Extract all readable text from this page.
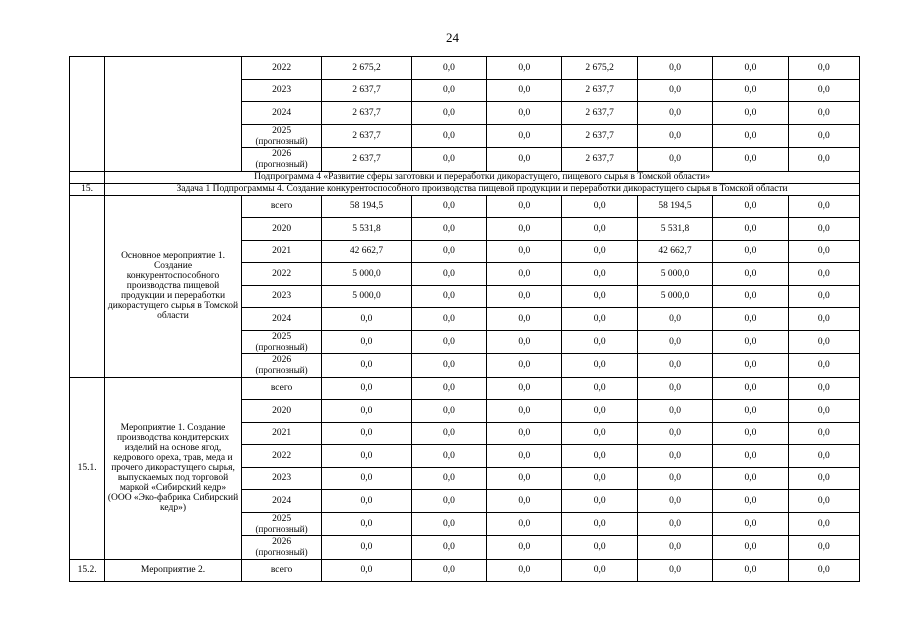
24

		2022	2 675,2	0,0	0,0	2 675,2	0,0	0,0	0,0

		2023	2 637,7	0,0	0,0	2 637,7	0,0	0,0	0,0

		2024	2 637,7	0,0	0,0	2 637,7	0,0	0,0	0,0

		2025
(прогнозный)	2 637,7	0,0	0,0	2 637,7	0,0	0,0	0,0

		2026
(прогнозный)	2 637,7	0,0	0,0	2 637,7	0,0	0,0	0,0
	Подпрограмма 4 «Развитие сферы заготовки и переработки дикорастущего, пищевого сырья в Томской области»								
15.	Задача 1 Подпрограммы 4. Создание конкурентоспособного производства пищевой продукции и переработки дикорастущего сырья в Томской области								
	Основное мероприятие 1. Создание конкурентоспособного производства пищевой продукции и переработки дикорастущего сырья в Томской области	всего	58 194,5	0,0	0,0	0,0	58 194,5	0,0	0,0

		2020	5 531,8	0,0	0,0	0,0	5 531,8	0,0	0,0

		2021	42 662,7	0,0	0,0	0,0	42 662,7	0,0	0,0

		2022	5 000,0	0,0	0,0	0,0	5 000,0	0,0	0,0

		2023	5 000,0	0,0	0,0	0,0	5 000,0	0,0	0,0

		2024	0,0	0,0	0,0	0,0	0,0	0,0	0,0

		2025
(прогнозный)	0,0	0,0	0,0	0,0	0,0	0,0	0,0

		2026
(прогнозный)	0,0	0,0	0,0	0,0	0,0	0,0	0,0
15.1.	Мероприятие 1. Создание производства кондитерских изделий на основе ягод, кедрового ореха, трав, меда и прочего дикорастущего сырья, выпускаемых под торговой маркой «Сибирский кедр» (ООО «Эко-фабрика Сибирский кедр»)	всего	0,0	0,0	0,0	0,0	0,0	0,0	0,0

		2020	0,0	0,0	0,0	0,0	0,0	0,0	0,0

		2021	0,0	0,0	0,0	0,0	0,0	0,0	0,0

		2022	0,0	0,0	0,0	0,0	0,0	0,0	0,0

		2023	0,0	0,0	0,0	0,0	0,0	0,0	0,0

		2024	0,0	0,0	0,0	0,0	0,0	0,0	0,0

		2025
(прогнозный)	0,0	0,0	0,0	0,0	0,0	0,0	0,0

		2026
(прогнозный)	0,0	0,0	0,0	0,0	0,0	0,0	0,0
15.2.	Мероприятие 2.	всего	0,0	0,0	0,0	0,0	0,0	0,0	0,0
